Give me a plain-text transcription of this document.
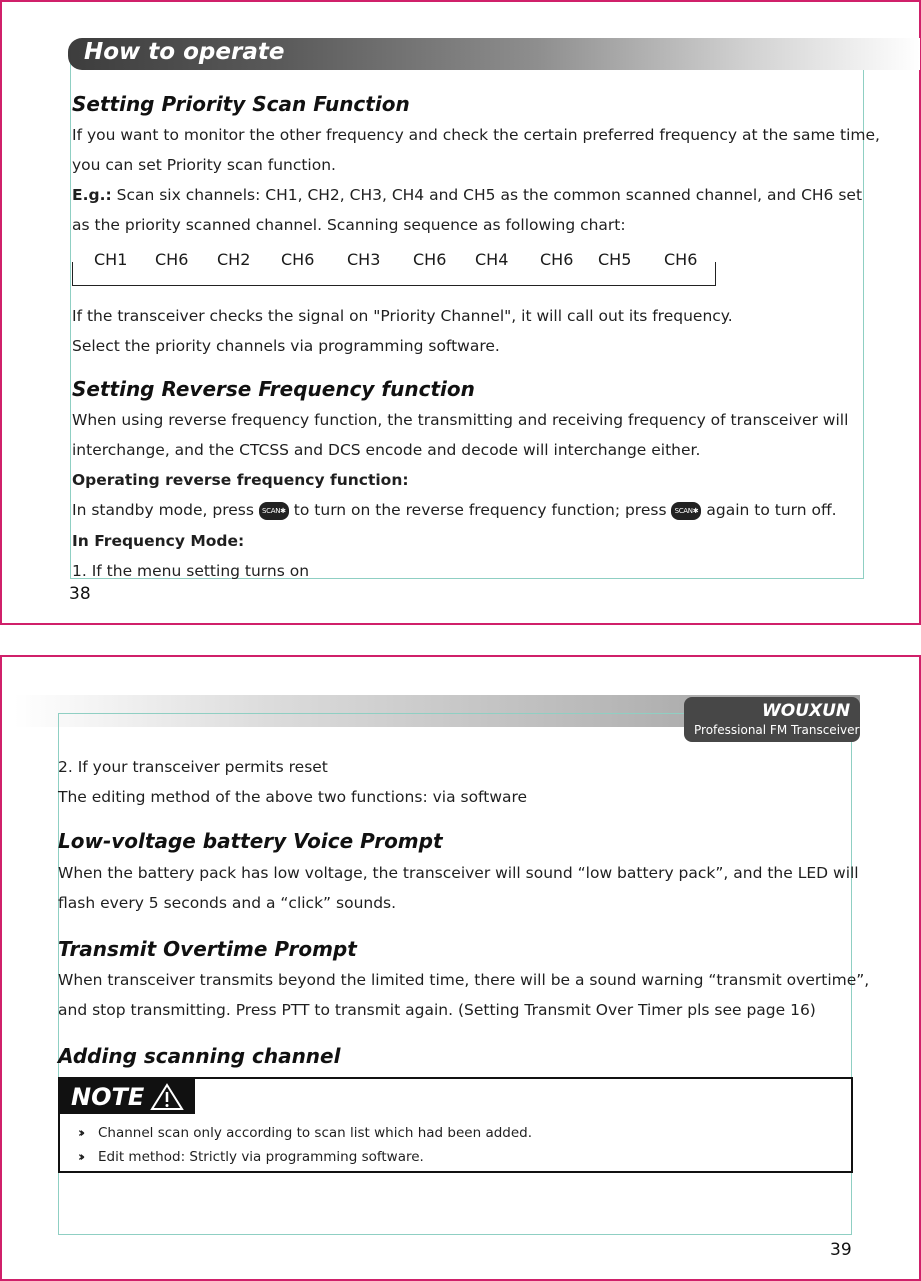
How to operate
Setting Priority Scan Function
If you want to monitor the other frequency and check the certain preferred frequency at the same time,
you can set Priority scan function.
E.g.: Scan six channels: CH1, CH2, CH3, CH4 and CH5 as the common scanned channel, and CH6 set
as the priority scanned channel. Scanning sequence as following chart:
CH1 CH6 CH2 CH6 CH3 CH6 CH4 CH6 CH5 CH6
If the transceiver checks the signal on "Priority Channel", it will call out its frequency.
Select the priority channels via programming software.
Setting Reverse Frequency function
When using reverse frequency function, the transmitting and receiving frequency of transceiver will
interchange, and the CTCSS and DCS encode and decode will interchange either.
Operating reverse frequency function:
In standby mode, press SCAN✱ to turn on the reverse frequency function; press SCAN✱ again to turn off.
In Frequency Mode:
1. If the menu setting turns on
38
WOUXUN
Professional FM Transceiver
2. If your transceiver permits reset
The editing method of the above two functions: via software
Low-voltage battery Voice Prompt
When the battery pack has low voltage, the transceiver will sound “low battery pack”, and the LED will
flash every 5 seconds and a “click” sounds.
Transmit Overtime Prompt
When transceiver transmits beyond the limited time, there will be a sound warning “transmit overtime”,
and stop transmitting. Press PTT to transmit again. (Setting Transmit Over Timer pls see page 16)
Adding scanning channel
NOTE
›› Channel scan only according to scan list which had been added.
›› Edit method: Strictly via programming software.
39
